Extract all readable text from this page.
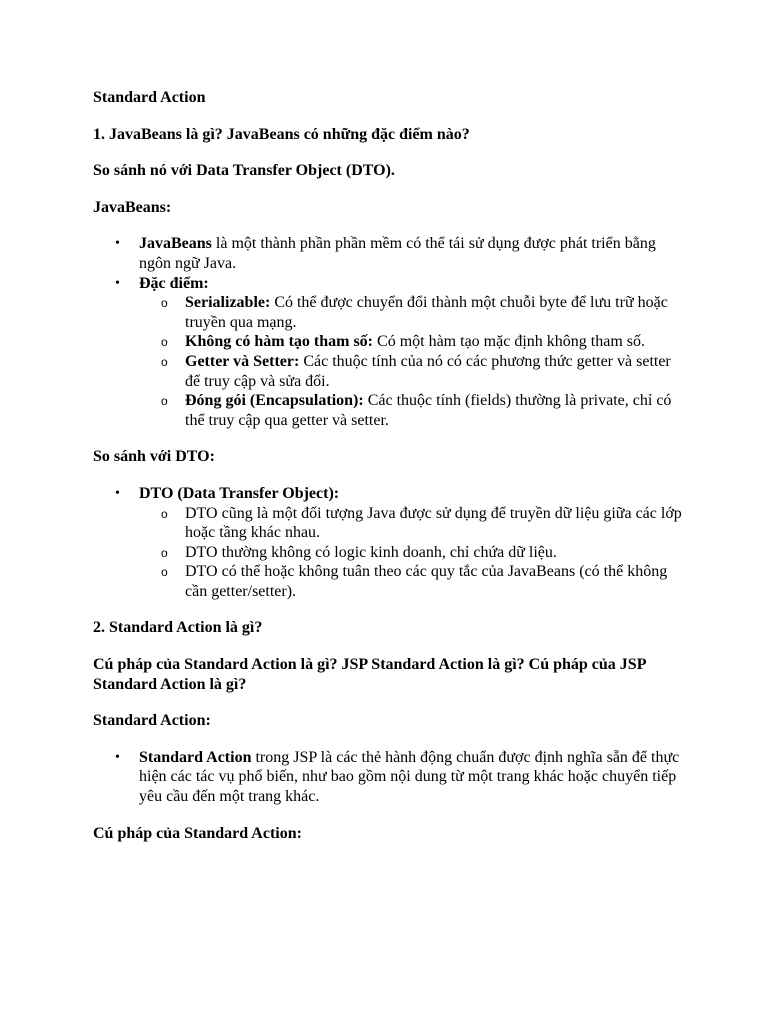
Standard Action

1. JavaBeans là gì? JavaBeans có những đặc điểm nào?

So sánh nó với Data Transfer Object (DTO).

JavaBeans:

• JavaBeans là một thành phần phần mềm có thể tái sử dụng được phát triển bằng ngôn ngữ Java.
• Đặc điểm:
o Serializable: Có thể được chuyển đổi thành một chuỗi byte để lưu trữ hoặc truyền qua mạng.
o Không có hàm tạo tham số: Có một hàm tạo mặc định không tham số.
o Getter và Setter: Các thuộc tính của nó có các phương thức getter và setter để truy cập và sửa đổi.
o Đóng gói (Encapsulation): Các thuộc tính (fields) thường là private, chỉ có thể truy cập qua getter và setter.

So sánh với DTO:

• DTO (Data Transfer Object):
o DTO cũng là một đối tượng Java được sử dụng để truyền dữ liệu giữa các lớp hoặc tầng khác nhau.
o DTO thường không có logic kinh doanh, chỉ chứa dữ liệu.
o DTO có thể hoặc không tuân theo các quy tắc của JavaBeans (có thể không cần getter/setter).

2. Standard Action là gì?

Cú pháp của Standard Action là gì? JSP Standard Action là gì? Cú pháp của JSP Standard Action là gì?

Standard Action:

• Standard Action trong JSP là các thẻ hành động chuẩn được định nghĩa sẵn để thực hiện các tác vụ phổ biến, như bao gồm nội dung từ một trang khác hoặc chuyển tiếp yêu cầu đến một trang khác.

Cú pháp của Standard Action:
